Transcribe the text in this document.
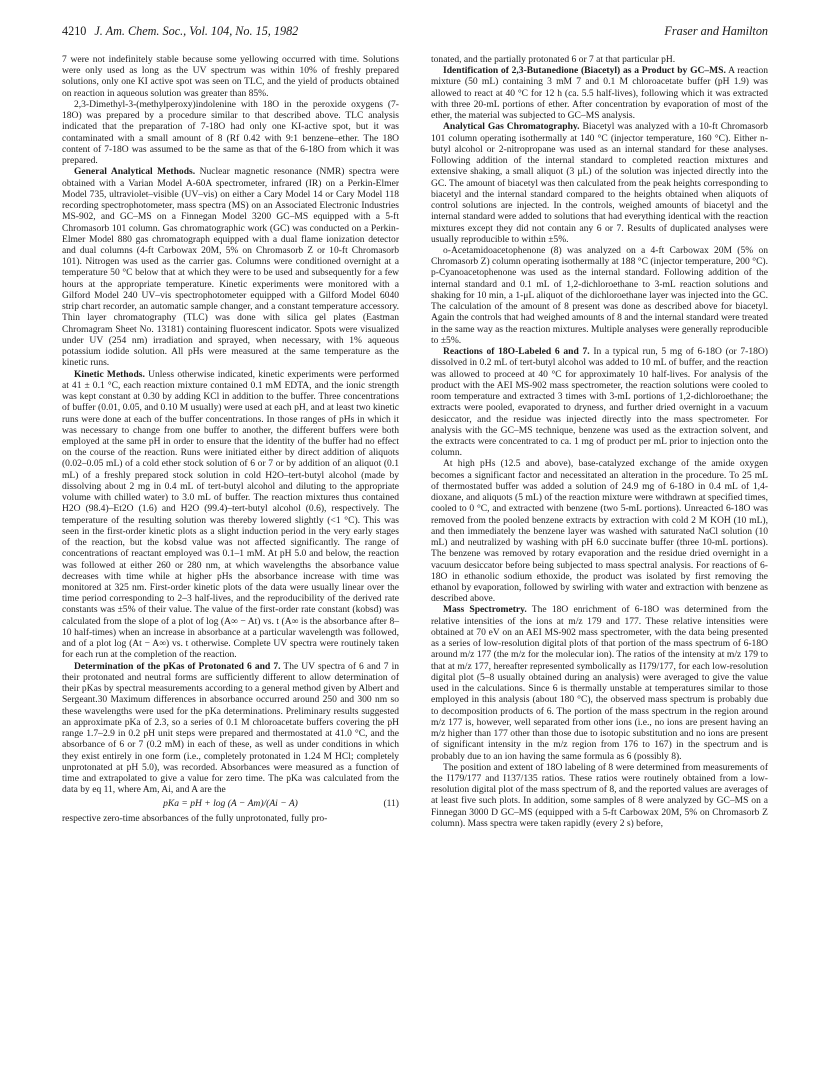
4210 J. Am. Chem. Soc., Vol. 104, No. 15, 1982	Fraser and Hamilton

7 were not indefinitely stable because some yellowing occurred with time. Solutions were only used as long as the UV spectrum was within 10% of freshly prepared solutions, only one KI active spot was seen on TLC, and the yield of products obtained on reaction in aqueous solution was greater than 85%.

2,3-Dimethyl-3-(methylperoxy)indolenine with 18O in the peroxide oxygens (7-18O) was prepared by a procedure similar to that described above. TLC analysis indicated that the preparation of 7-18O had only one KI-active spot, but it was contaminated with a small amount of 8 (Rf 0.42 with 9:1 benzene–ether. The 18O content of 7-18O was assumed to be the same as that of the 6-18O from which it was prepared.

General Analytical Methods. Nuclear magnetic resonance (NMR) spectra were obtained with a Varian Model A-60A spectrometer, infrared (IR) on a Perkin-Elmer Model 735, ultraviolet–visible (UV–vis) on either a Cary Model 14 or Cary Model 118 recording spectrophotometer, mass spectra (MS) on an Associated Electronic Industries MS-902, and GC–MS on a Finnegan Model 3200 GC–MS equipped with a 5-ft Chromasorb 101 column. Gas chromatographic work (GC) was conducted on a Perkin-Elmer Model 880 gas chromatograph equipped with a dual flame ionization detector and dual columns (4-ft Carbowax 20M, 5% on Chromasorb Z or 10-ft Chromasorb 101). Nitrogen was used as the carrier gas. Columns were conditioned overnight at a temperature 50 °C below that at which they were to be used and subsequently for a few hours at the appropriate temperature. Kinetic experiments were monitored with a Gilford Model 240 UV–vis spectrophotometer equipped with a Gilford Model 6040 strip chart recorder, an automatic sample changer, and a constant temperature accessory. Thin layer chromatography (TLC) was done with silica gel plates (Eastman Chromagram Sheet No. 13181) containing fluorescent indicator. Spots were visualized under UV (254 nm) irradiation and sprayed, when necessary, with 1% aqueous potassium iodide solution. All pHs were measured at the same temperature as the kinetic runs.

Kinetic Methods. Unless otherwise indicated, kinetic experiments were performed at 41 ± 0.1 °C, each reaction mixture contained 0.1 mM EDTA, and the ionic strength was kept constant at 0.30 by adding KCl in addition to the buffer. Three concentrations of buffer (0.01, 0.05, and 0.10 M usually) were used at each pH, and at least two kinetic runs were done at each of the buffer concentrations. In those ranges of pHs in which it was necessary to change from one buffer to another, the different buffers were both employed at the same pH in order to ensure that the identity of the buffer had no effect on the course of the reaction. Runs were initiated either by direct addition of aliquots (0.02–0.05 mL) of a cold ether stock solution of 6 or 7 or by addition of an aliquot (0.1 mL) of a freshly prepared stock solution in cold H2O–tert-butyl alcohol (made by dissolving about 2 mg in 0.4 mL of tert-butyl alcohol and diluting to the appropriate volume with chilled water) to 3.0 mL of buffer. The reaction mixtures thus contained H2O (98.4)–Et2O (1.6) and H2O (99.4)–tert-butyl alcohol (0.6), respectively. The temperature of the resulting solution was thereby lowered slightly (<1 °C). This was seen in the first-order kinetic plots as a slight induction period in the very early stages of the reaction, but the kobsd value was not affected significantly. The range of concentrations of reactant employed was 0.1–1 mM. At pH 5.0 and below, the reaction was followed at either 260 or 280 nm, at which wavelengths the absorbance value decreases with time while at higher pHs the absorbance increase with time was monitored at 325 nm. First-order kinetic plots of the data were usually linear over the time period corresponding to 2–3 half-lives, and the reproducibility of the derived rate constants was ±5% of their value. The value of the first-order rate constant (kobsd) was calculated from the slope of a plot of log (A∞ − At) vs. t (A∞ is the absorbance after 8–10 half-times) when an increase in absorbance at a particular wavelength was followed, and of a plot log (At − A∞) vs. t otherwise. Complete UV spectra were routinely taken for each run at the completion of the reaction.

Determination of the pKas of Protonated 6 and 7. The UV spectra of 6 and 7 in their protonated and neutral forms are sufficiently different to allow determination of their pKas by spectral measurements according to a general method given by Albert and Sergeant.30 Maximum differences in absorbance occurred around 250 and 300 nm so these wavelengths were used for the pKa determinations. Preliminary results suggested an approximate pKa of 2.3, so a series of 0.1 M chloroacetate buffers covering the pH range 1.7–2.9 in 0.2 pH unit steps were prepared and thermostated at 41.0 °C, and the absorbance of 6 or 7 (0.2 mM) in each of these, as well as under conditions in which they exist entirely in one form (i.e., completely protonated in 1.24 M HCl; completely unprotonated at pH 5.0), was recorded. Absorbances were measured as a function of time and extrapolated to give a value for zero time. The pKa was calculated from the data by eq 11, where Am, Ai, and A are the

pKa = pH + log (A − Am)/(Ai − A)	(11)

respective zero-time absorbances of the fully unprotonated, fully pro-

tonated, and the partially protonated 6 or 7 at that particular pH.

Identification of 2,3-Butanedione (Biacetyl) as a Product by GC–MS. A reaction mixture (50 mL) containing 3 mM 7 and 0.1 M chloroacetate buffer (pH 1.9) was allowed to react at 40 °C for 12 h (ca. 5.5 half-lives), following which it was extracted with three 20-mL portions of ether. After concentration by evaporation of most of the ether, the material was subjected to GC–MS analysis.

Analytical Gas Chromatography. Biacetyl was analyzed with a 10-ft Chromasorb 101 column operating isothermally at 140 °C (injector temperature, 160 °C). Either n-butyl alcohol or 2-nitropropane was used as an internal standard for these analyses. Following addition of the internal standard to completed reaction mixtures and extensive shaking, a small aliquot (3 μL) of the solution was injected directly into the GC. The amount of biacetyl was then calculated from the peak heights corresponding to biacetyl and the internal standard compared to the heights obtained when aliquots of control solutions are injected. In the controls, weighed amounts of biacetyl and the internal standard were added to solutions that had everything identical with the reaction mixtures except they did not contain any 6 or 7. Results of duplicated analyses were usually reproducible to within ±5%.

o-Acetamidoacetophenone (8) was analyzed on a 4-ft Carbowax 20M (5% on Chromasorb Z) column operating isothermally at 188 °C (injector temperature, 200 °C). p-Cyanoacetophenone was used as the internal standard. Following addition of the internal standard and 0.1 mL of 1,2-dichloroethane to 3-mL reaction solutions and shaking for 10 min, a 1-μL aliquot of the dichloroethane layer was injected into the GC. The calculation of the amount of 8 present was done as described above for biacetyl. Again the controls that had weighed amounts of 8 and the internal standard were treated in the same way as the reaction mixtures. Multiple analyses were generally reproducible to ±5%.

Reactions of 18O-Labeled 6 and 7. In a typical run, 5 mg of 6-18O (or 7-18O) dissolved in 0.2 mL of tert-butyl alcohol was added to 10 mL of buffer, and the reaction was allowed to proceed at 40 °C for approximately 10 half-lives. For analysis of the product with the AEI MS-902 mass spectrometer, the reaction solutions were cooled to room temperature and extracted 3 times with 3-mL portions of 1,2-dichloroethane; the extracts were pooled, evaporated to dryness, and further dried overnight in a vacuum desiccator, and the residue was injected directly into the mass spectrometer. For analysis with the GC–MS technique, benzene was used as the extraction solvent, and the extracts were concentrated to ca. 1 mg of product per mL prior to injection onto the column.

At high pHs (12.5 and above), base-catalyzed exchange of the amide oxygen becomes a significant factor and necessitated an alteration in the procedure. To 25 mL of thermostated buffer was added a solution of 24.9 mg of 6-18O in 0.4 mL of 1,4-dioxane, and aliquots (5 mL) of the reaction mixture were withdrawn at specified times, cooled to 0 °C, and extracted with benzene (two 5-mL portions). Unreacted 6-18O was removed from the pooled benzene extracts by extraction with cold 2 M KOH (10 mL), and then immediately the benzene layer was washed with saturated NaCl solution (10 mL) and neutralized by washing with pH 6.0 succinate buffer (three 10-mL portions). The benzene was removed by rotary evaporation and the residue dried overnight in a vacuum desiccator before being subjected to mass spectral analysis. For reactions of 6-18O in ethanolic sodium ethoxide, the product was isolated by first removing the ethanol by evaporation, followed by swirling with water and extraction with benzene as described above.

Mass Spectrometry. The 18O enrichment of 6-18O was determined from the relative intensities of the ions at m/z 179 and 177. These relative intensities were obtained at 70 eV on an AEI MS-902 mass spectrometer, with the data being presented as a series of low-resolution digital plots of that portion of the mass spectrum of 6-18O around m/z 177 (the m/z for the molecular ion). The ratios of the intensity at m/z 179 to that at m/z 177, hereafter represented symbolically as I179/177, for each low-resolution digital plot (5–8 usually obtained during an analysis) were averaged to give the value used in the calculations. Since 6 is thermally unstable at temperatures similar to those employed in this analysis (about 180 °C), the observed mass spectrum is probably due to decomposition products of 6. The portion of the mass spectrum in the region around m/z 177 is, however, well separated from other ions (i.e., no ions are present having an m/z higher than 177 other than those due to isotopic substitution and no ions are present of significant intensity in the m/z region from 176 to 167) in the spectrum and is probably due to an ion having the same formula as 6 (possibly 8).

The position and extent of 18O labeling of 8 were determined from measurements of the I179/177 and I137/135 ratios. These ratios were routinely obtained from a low-resolution digital plot of the mass spectrum of 8, and the reported values are averages of at least five such plots. In addition, some samples of 8 were analyzed by GC–MS on a Finnegan 3000 D GC–MS (equipped with a 5-ft Carbowax 20M, 5% on Chromasorb Z column). Mass spectra were taken rapidly (every 2 s) before,
